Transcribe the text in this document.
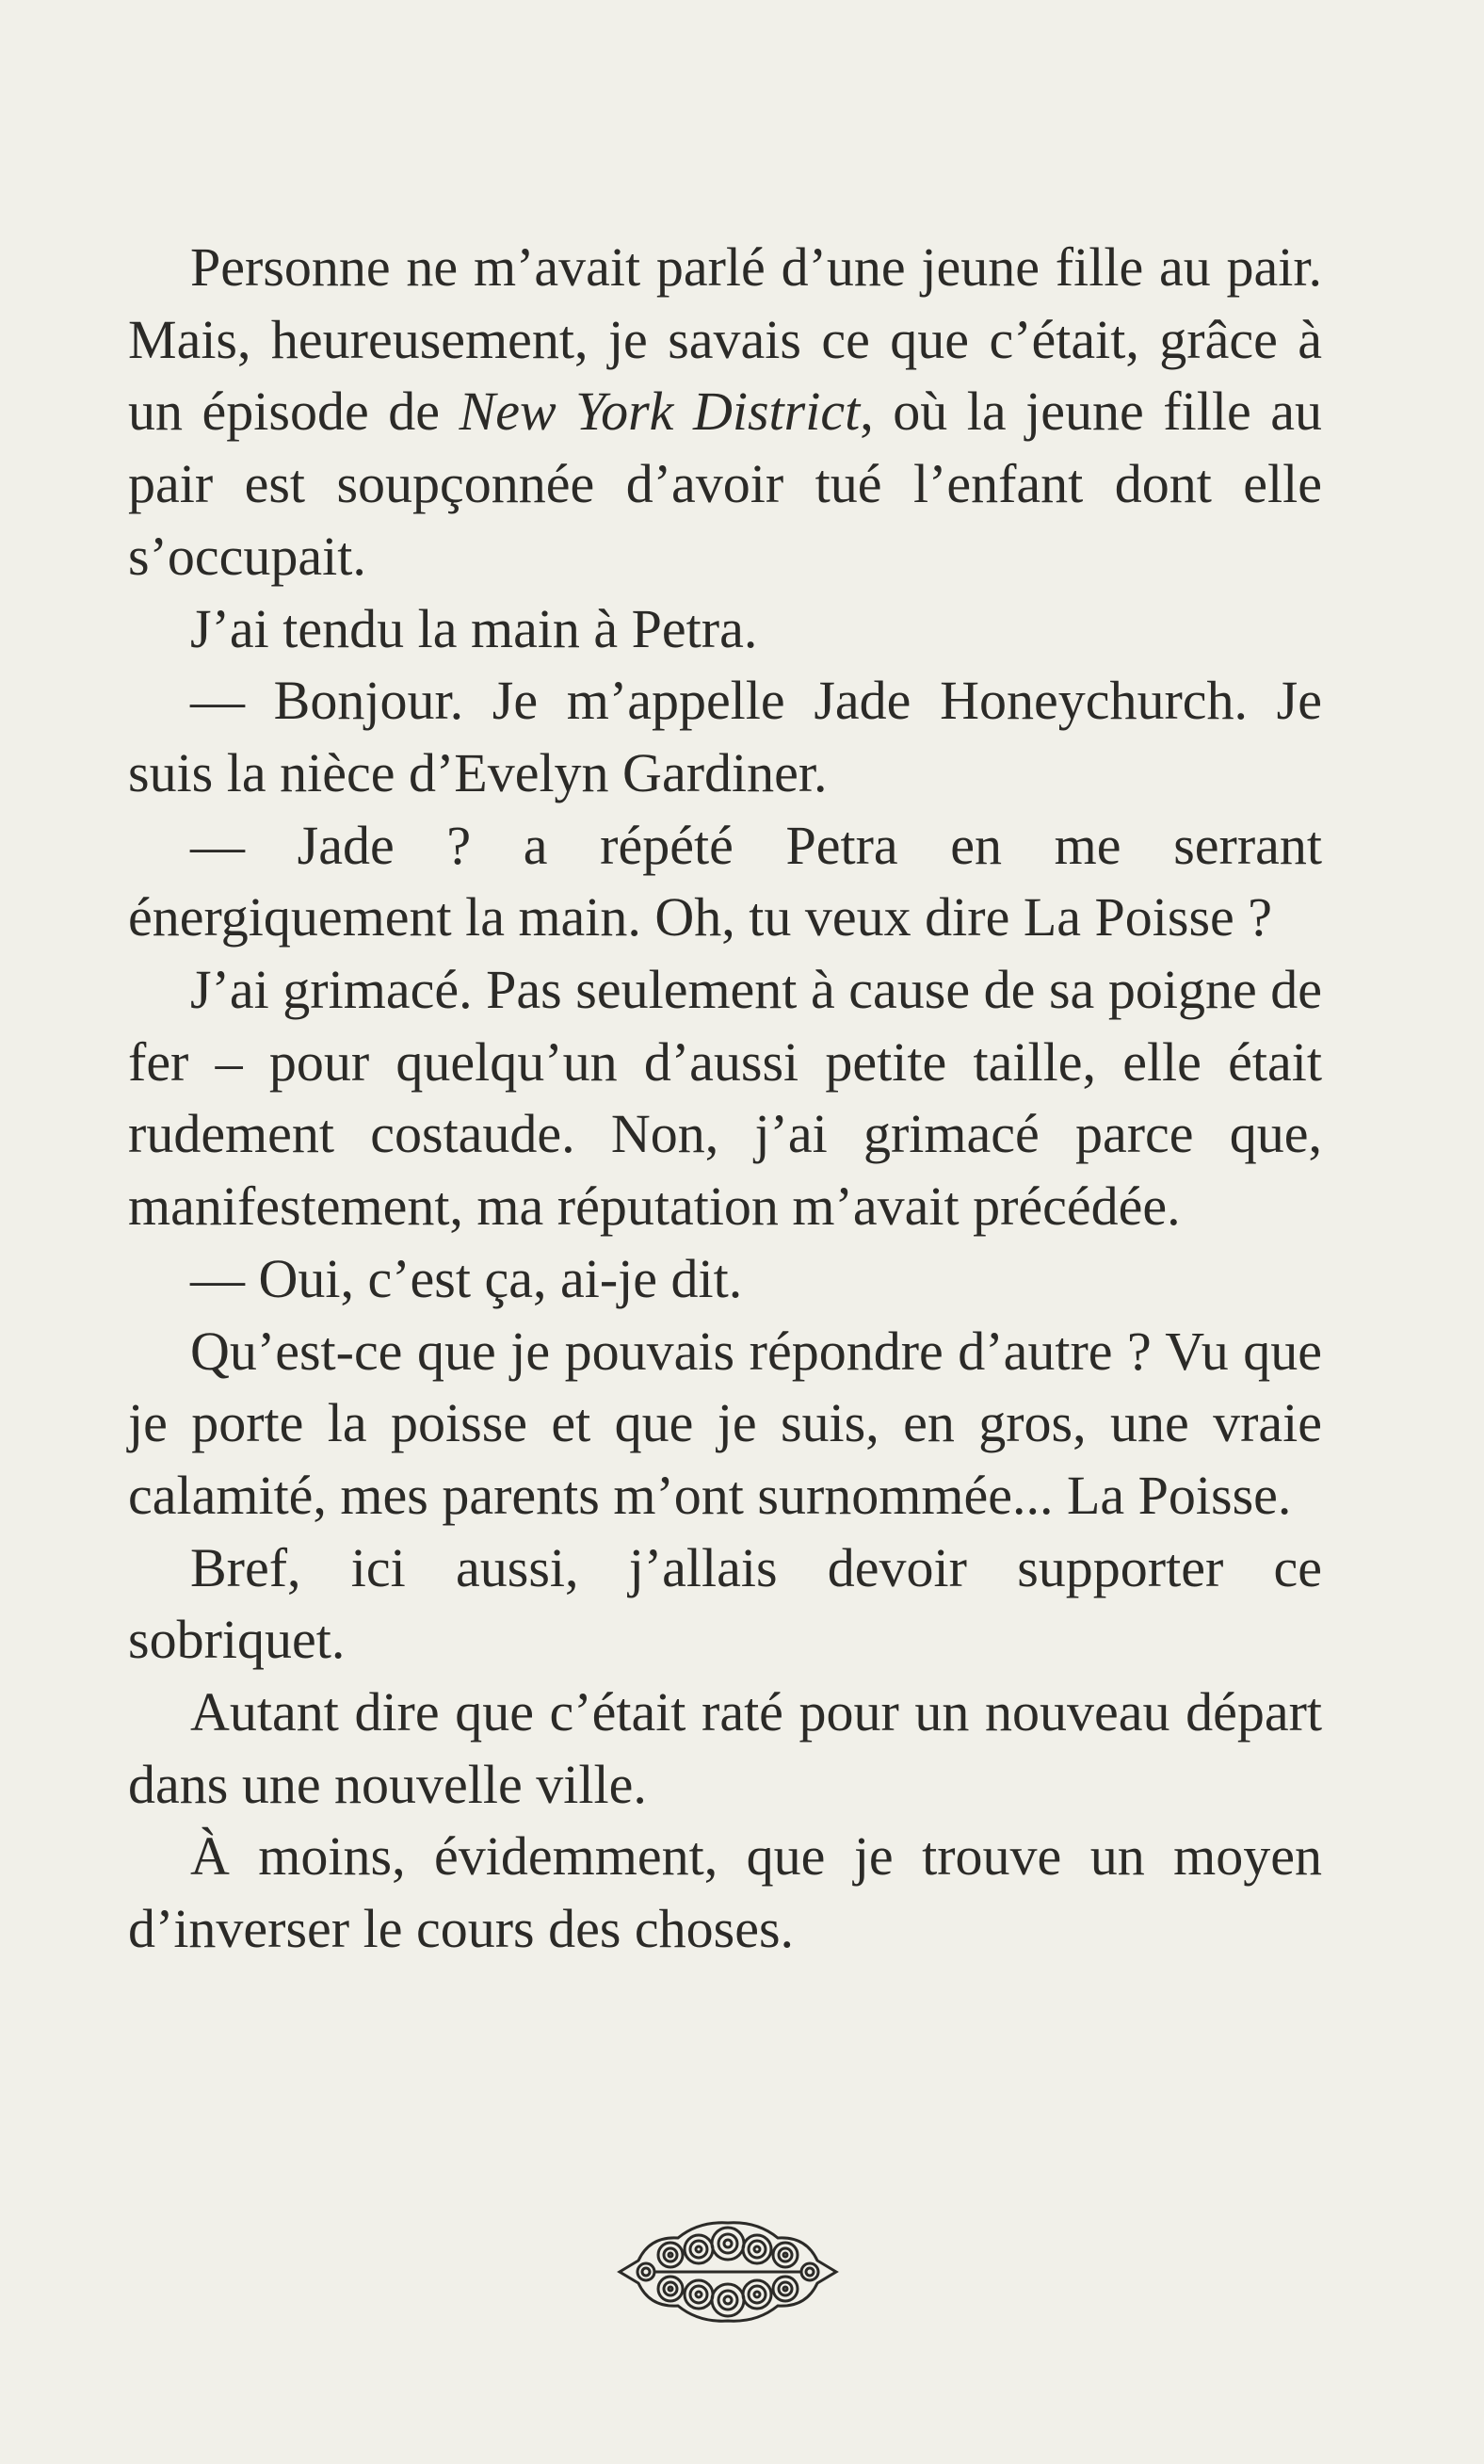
Personne ne m’avait parlé d’une jeune fille au pair. Mais, heureusement, je savais ce que c’était, grâce à un épisode de New York District, où la jeune fille au pair est soupçonnée d’avoir tué l’enfant dont elle s’occupait.

J’ai tendu la main à Petra.

— Bonjour. Je m’appelle Jade Honeychurch. Je suis la nièce d’Evelyn Gardiner.

— Jade ? a répété Petra en me serrant énergiquement la main. Oh, tu veux dire La Poisse ?

J’ai grimacé. Pas seulement à cause de sa poigne de fer – pour quelqu’un d’aussi petite taille, elle était rudement costaude. Non, j’ai grimacé parce que, manifestement, ma réputation m’avait précédée.

— Oui, c’est ça, ai-je dit.

Qu’est-ce que je pouvais répondre d’autre ? Vu que je porte la poisse et que je suis, en gros, une vraie calamité, mes parents m’ont surnommée... La Poisse.

Bref, ici aussi, j’allais devoir supporter ce sobriquet.

Autant dire que c’était raté pour un nouveau départ dans une nouvelle ville.

À moins, évidemment, que je trouve un moyen d’inverser le cours des choses.
